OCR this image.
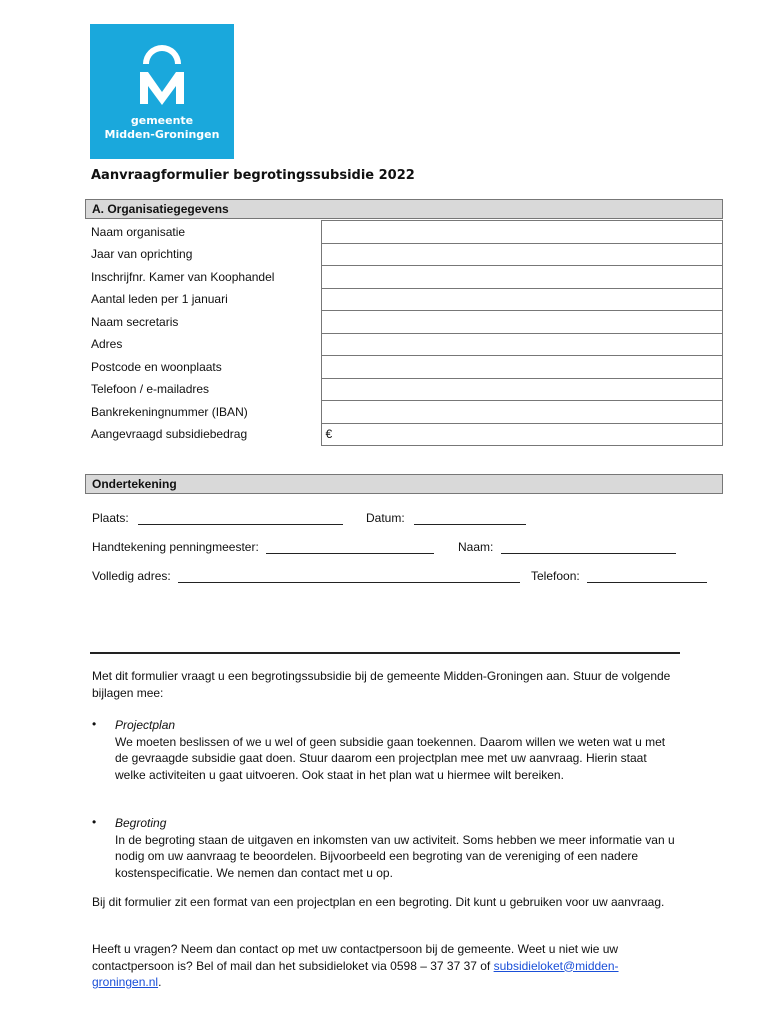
gemeente
Midden-Groningen
Aanvraagformulier begrotingssubsidie 2022
A. Organisatiegegevens
Naam organisatie	
Jaar van oprichting	
Inschrijfnr. Kamer van Koophandel	
Aantal leden per 1 januari	
Naam secretaris	
Adres	
Postcode en woonplaats	
Telefoon / e-mailadres	
Bankrekeningnummer (IBAN)	
Aangevraagd subsidiebedrag	€
Ondertekening
Plaats:	Datum:
Handtekening penningmeester:	Naam:
Volledig adres:	Telefoon:
Met dit formulier vraagt u een begrotingssubsidie bij de gemeente Midden-Groningen aan. Stuur de volgende bijlagen mee:
• Projectplan
We moeten beslissen of we u wel of geen subsidie gaan toekennen. Daarom willen we weten wat u met de gevraagde subsidie gaat doen. Stuur daarom een projectplan mee met uw aanvraag. Hierin staat welke activiteiten u gaat uitvoeren. Ook staat in het plan wat u hiermee wilt bereiken.
• Begroting
In de begroting staan de uitgaven en inkomsten van uw activiteit. Soms hebben we meer informatie van u nodig om uw aanvraag te beoordelen. Bijvoorbeeld een begroting van de vereniging of een nadere kostenspecificatie. We nemen dan contact met u op.
Bij dit formulier zit een format van een projectplan en een begroting. Dit kunt u gebruiken voor uw aanvraag.
Heeft u vragen? Neem dan contact op met uw contactpersoon bij de gemeente. Weet u niet wie uw contactpersoon is? Bel of mail dan het subsidieloket via 0598 – 37 37 37 of subsidieloket@midden-groningen.nl.
